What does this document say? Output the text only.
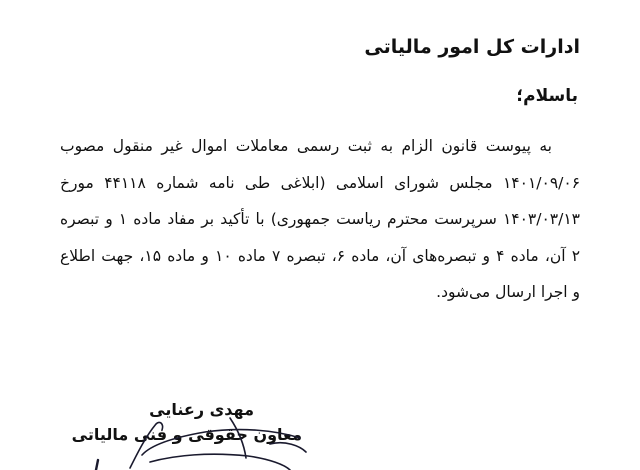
ادارات کل امور مالیاتی
باسلام؛
به پیوست قانون الزام به ثبت رسمی معاملات اموال غیر منقول مصوب
۱۴۰۱/۰۹/۰۶ مجلس شورای اسلامی (ابلاغی طی نامه شماره ۴۴۱۱۸ مورخ
۱۴۰۳/۰۳/۱۳ سرپرست محترم ریاست جمهوری) با تأکید بر مفاد ماده ۱ و تبصره
۲ آن، ماده ۴ و تبصره‌های آن، ماده ۶، تبصره ۷ ماده ۱۰ و ماده ۱۵، جهت اطلاع
و اجرا ارسال می‌شود.
مهدی رعنایی
معاون حقوقی و فنی مالیاتی
